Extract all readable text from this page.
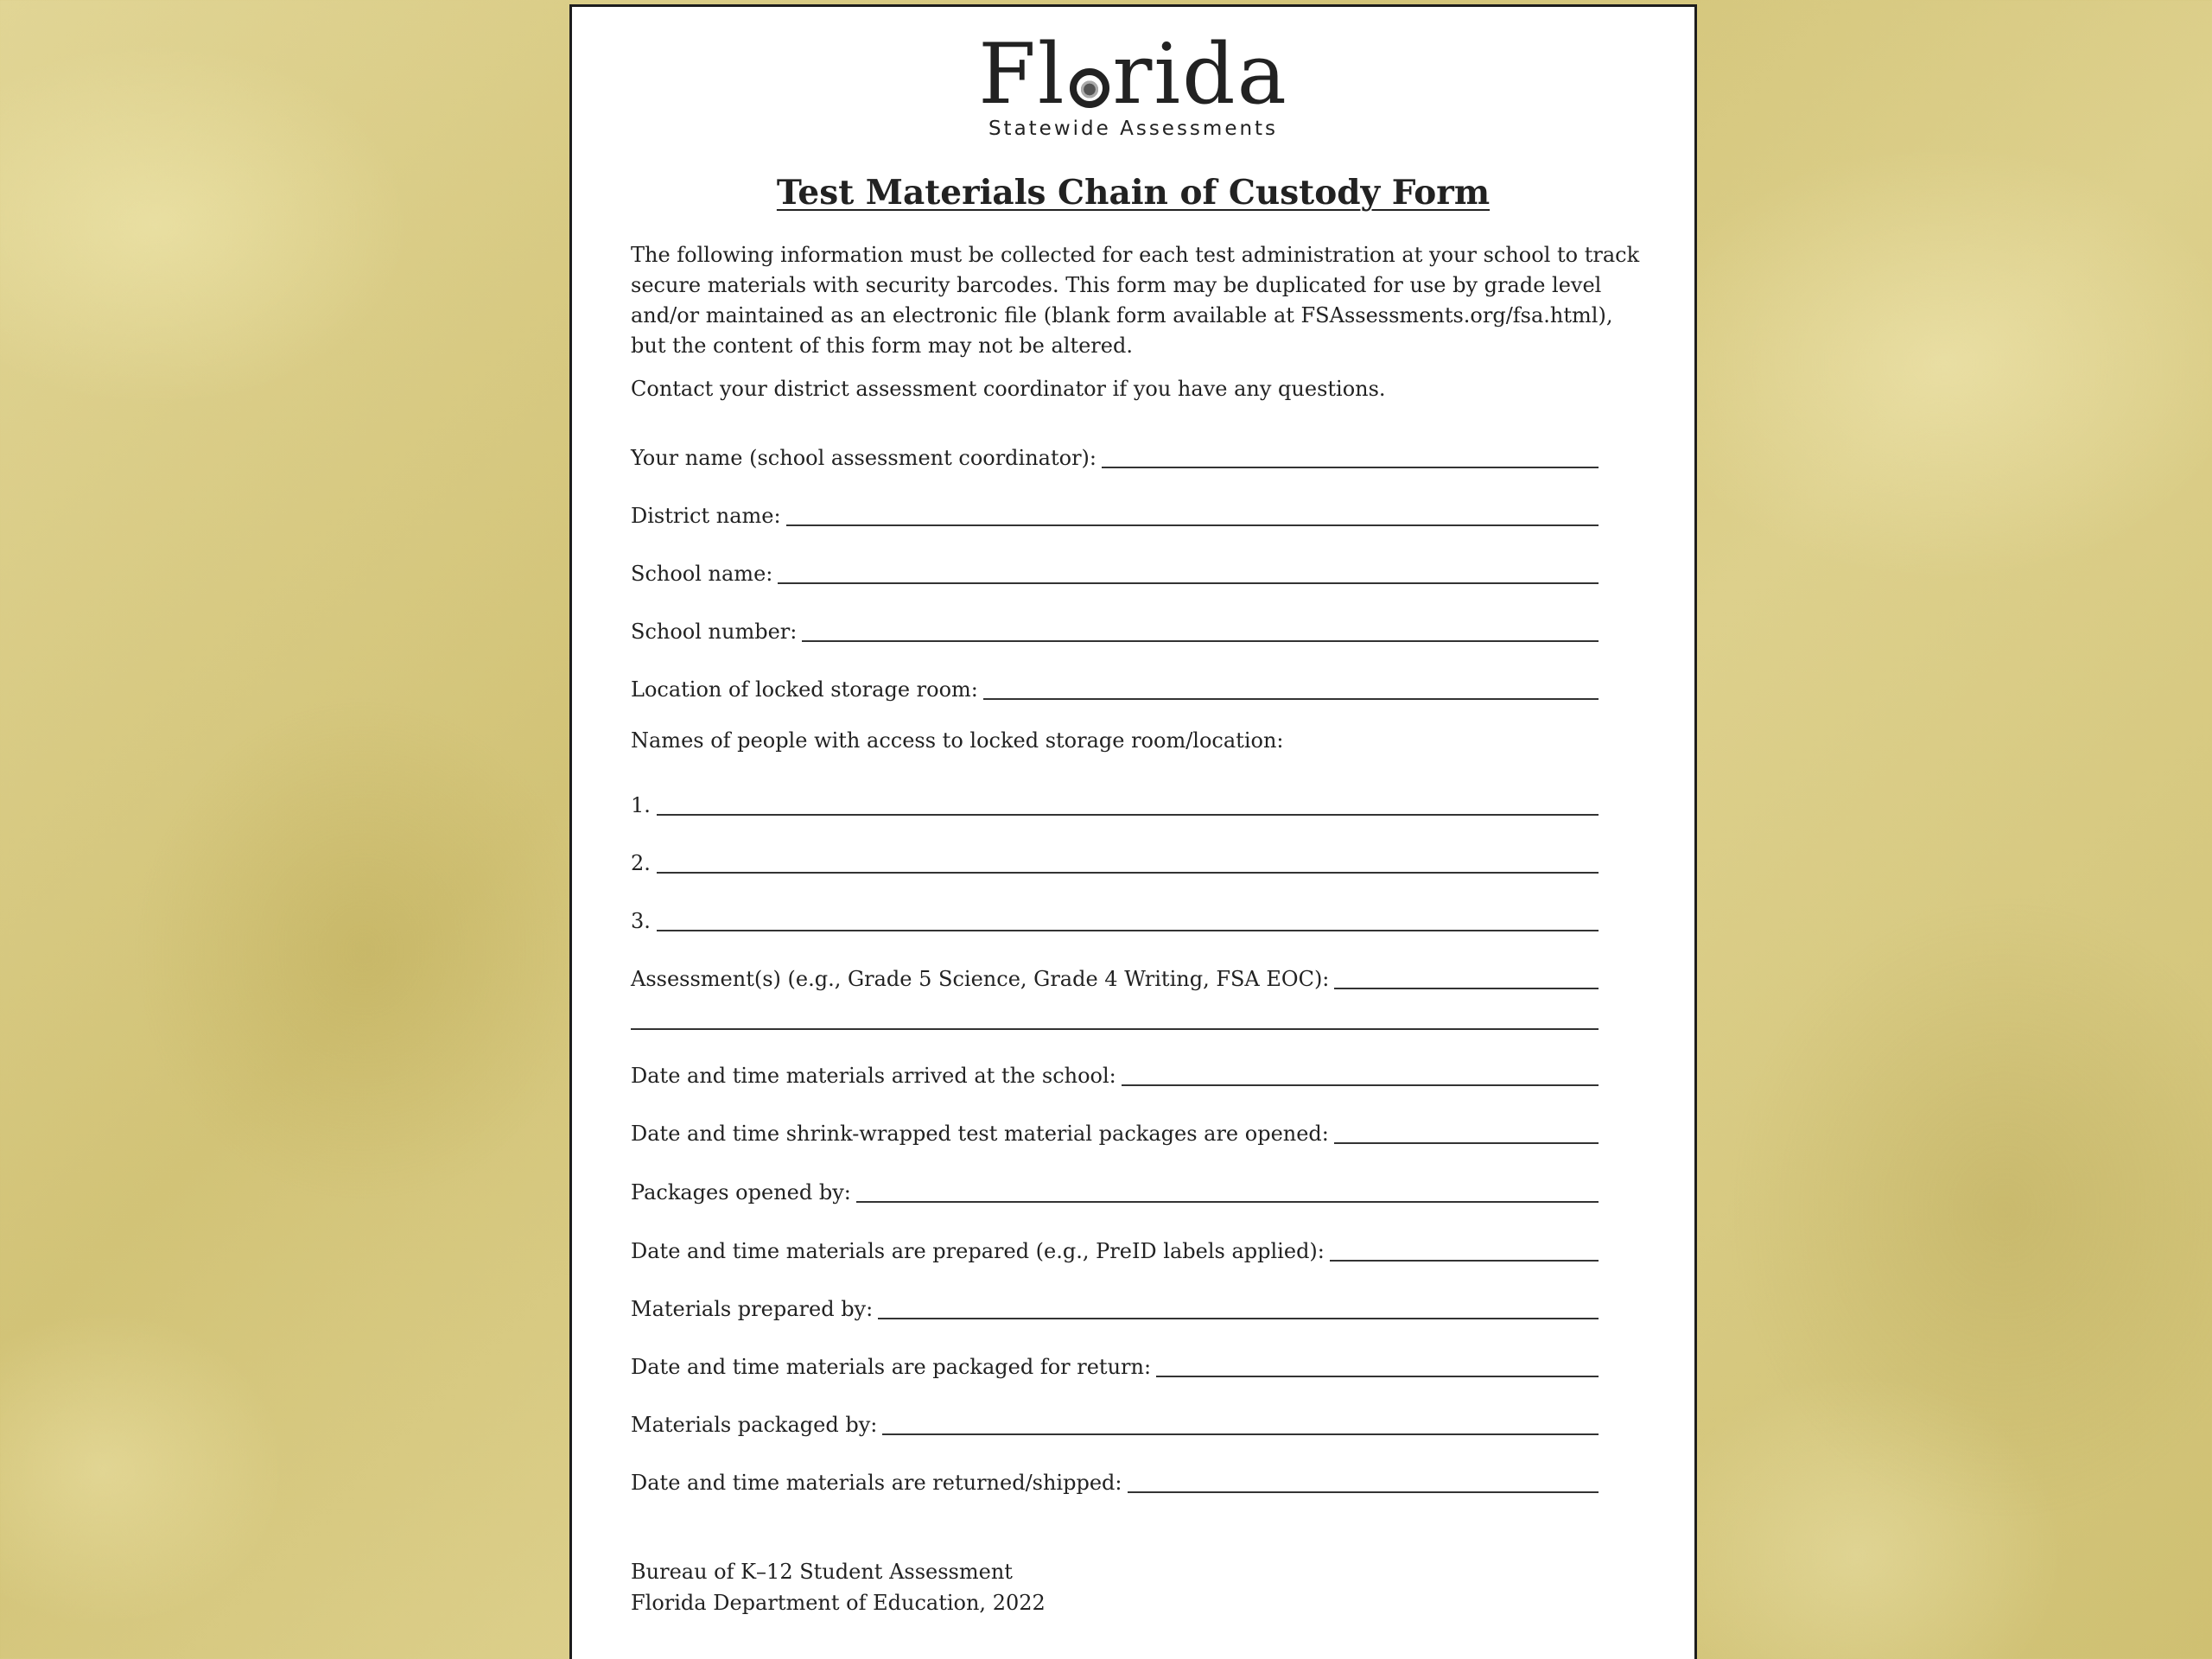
Fl rida
Statewide Assessments
Test Materials Chain of Custody Form
The following information must be collected for each test administration at your school to track secure materials with security barcodes. This form may be duplicated for use by grade level and/or maintained as an electronic file (blank form available at FSAssessments.org/fsa.html), but the content of this form may not be altered.
Contact your district assessment coordinator if you have any questions.
Your name (school assessment coordinator):
District name:
School name:
School number:
Location of locked storage room:
Names of people with access to locked storage room/location:
1.
2.
3.
Assessment(s) (e.g., Grade 5 Science, Grade 4 Writing, FSA EOC):
Date and time materials arrived at the school:
Date and time shrink-wrapped test material packages are opened:
Packages opened by:
Date and time materials are prepared (e.g., PreID labels applied):
Materials prepared by:
Date and time materials are packaged for return:
Materials packaged by:
Date and time materials are returned/shipped:
Bureau of K–12 Student Assessment
Florida Department of Education, 2022
